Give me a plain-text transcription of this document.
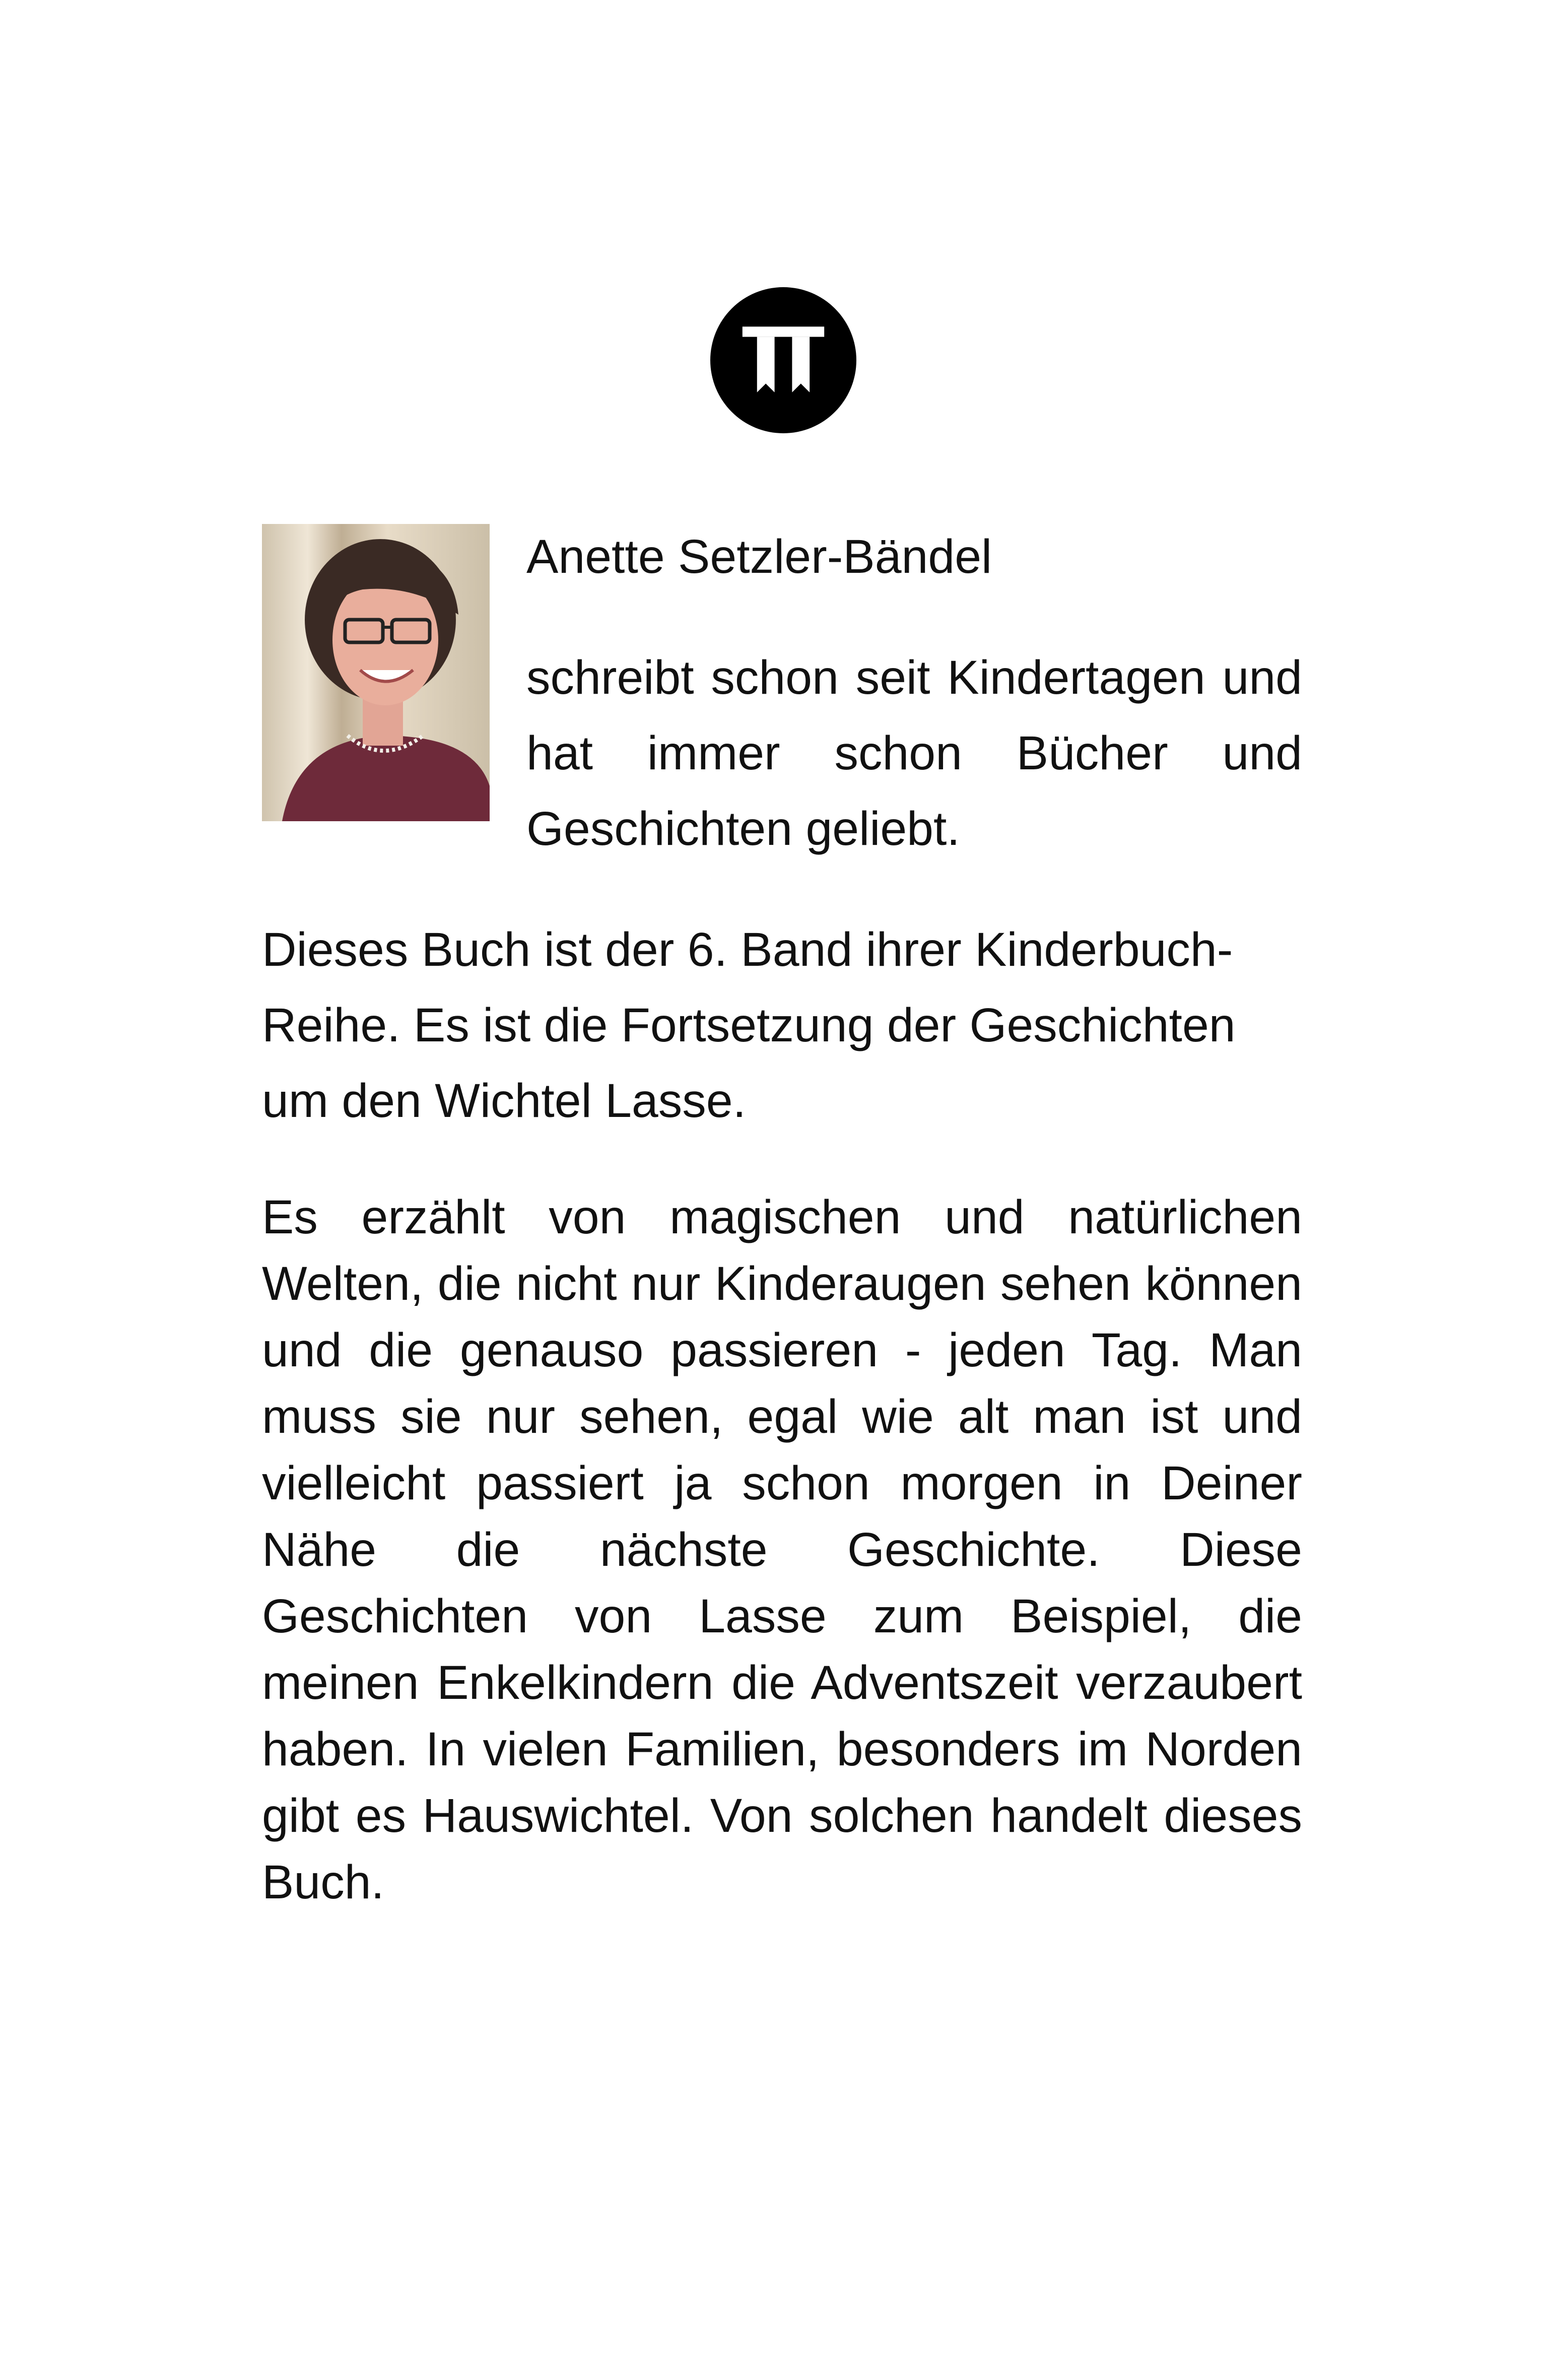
Anette Setzler-Bändel

schreibt schon seit Kindertagen und hat immer schon Bücher und Geschichten geliebt.

Dieses Buch ist der 6. Band ihrer Kinderbuch-Reihe. Es ist die Fortsetzung der Geschichten um den Wichtel Lasse.

Es erzählt von magischen und natürlichen Welten, die nicht nur Kinderaugen sehen können und die genauso passieren - jeden Tag. Man muss sie nur sehen, egal wie alt man ist und vielleicht passiert ja schon morgen in Deiner Nähe die nächste Geschichte. Diese Geschichten von Lasse zum Beispiel, die meinen Enkelkindern die Adventszeit verzaubert haben. In vielen Familien, besonders im Norden gibt es Hauswichtel. Von solchen handelt dieses Buch.
